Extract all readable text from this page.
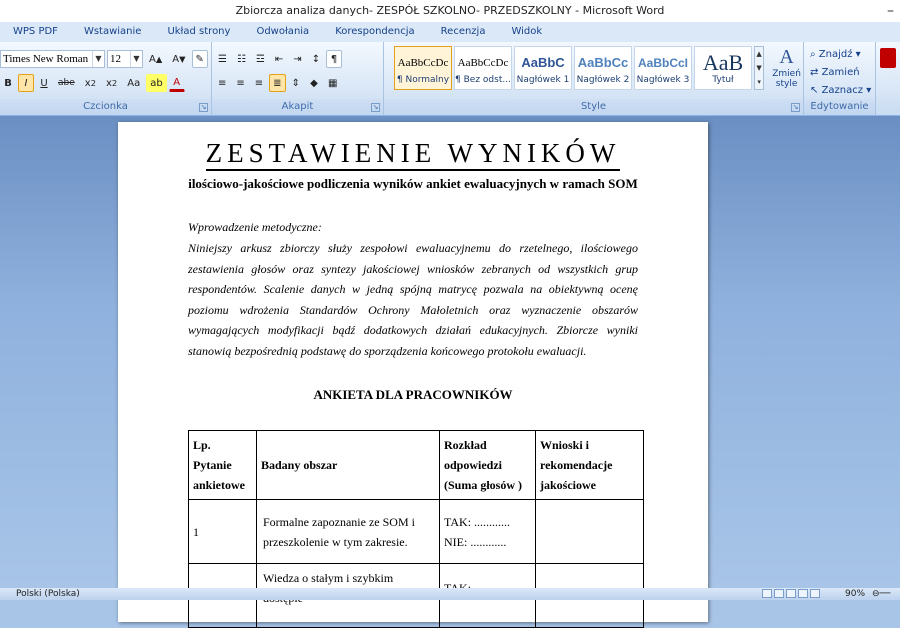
Zbiorcza analiza danych- ZESPÓŁ SZKOLNO- PRZEDSZKOLNY - Microsoft Word	–
WPS PDF	Wstawianie	Układ strony	Odwołania	Korespondencja	Recenzja	Widok
Times New Roman ▼ 12	▼ A ▲	A ▼	✎
B	I	U	abe	x 2	x 2	Aa	ab	A
Czcionka	↘
☰	☷	☲	⇤	⇥	↕	¶
≡	≡	≡	≣	⇕	◆	▦
Akapit	↘
AaBbCcDc
¶ Normalny
AaBbCcDc
¶ Bez odst...
AaBbC
Nagłówek 1
AaBbCc
Nagłówek 2
AaBbCcI
Nagłówek 3
AaB
Tytuł
▲
▼
▾
A
Zmień style
Style	↘
⌕ Znajdź ▾
⇄ Zamień
↖ Zaznacz ▾
Edytowanie
ZESTAWIENIE WYNIKÓW
ilościowo-jakościowe podliczenia wyników ankiet ewaluacyjnych w ramach SOM
Wprowadzenie metodyczne:
Niniejszy arkusz zbiorczy służy zespołowi ewaluacyjnemu do rzetelnego, ilościowego zestawienia głosów oraz syntezy jakościowej wniosków zebranych od wszystkich grup respondentów. Scalenie danych w jedną spójną matrycę pozwala na obiektywną ocenę poziomu wdrożenia Standardów Ochrony Małoletnich oraz wyznaczenie obszarów wymagających modyfikacji bądź dodatkowych działań edukacyjnych. Zbiorcze wyniki stanowią bezpośrednią podstawę do sporządzenia końcowego protokołu ewaluacji.
ANKIETA DLA PRACOWNIKÓW
Lp. Pytanie ankietowe	Badany obszar	Rozkład odpowiedzi (Suma głosów )	Wnioski i rekomendacje jakościowe
1	Formalne zapoznanie ze SOM i przeszkolenie w tym zakresie.	TAK: ............
NIE: ............	

	Wiedza o stałym i szybkim	

Polski (Polska)	90% ⊖──
